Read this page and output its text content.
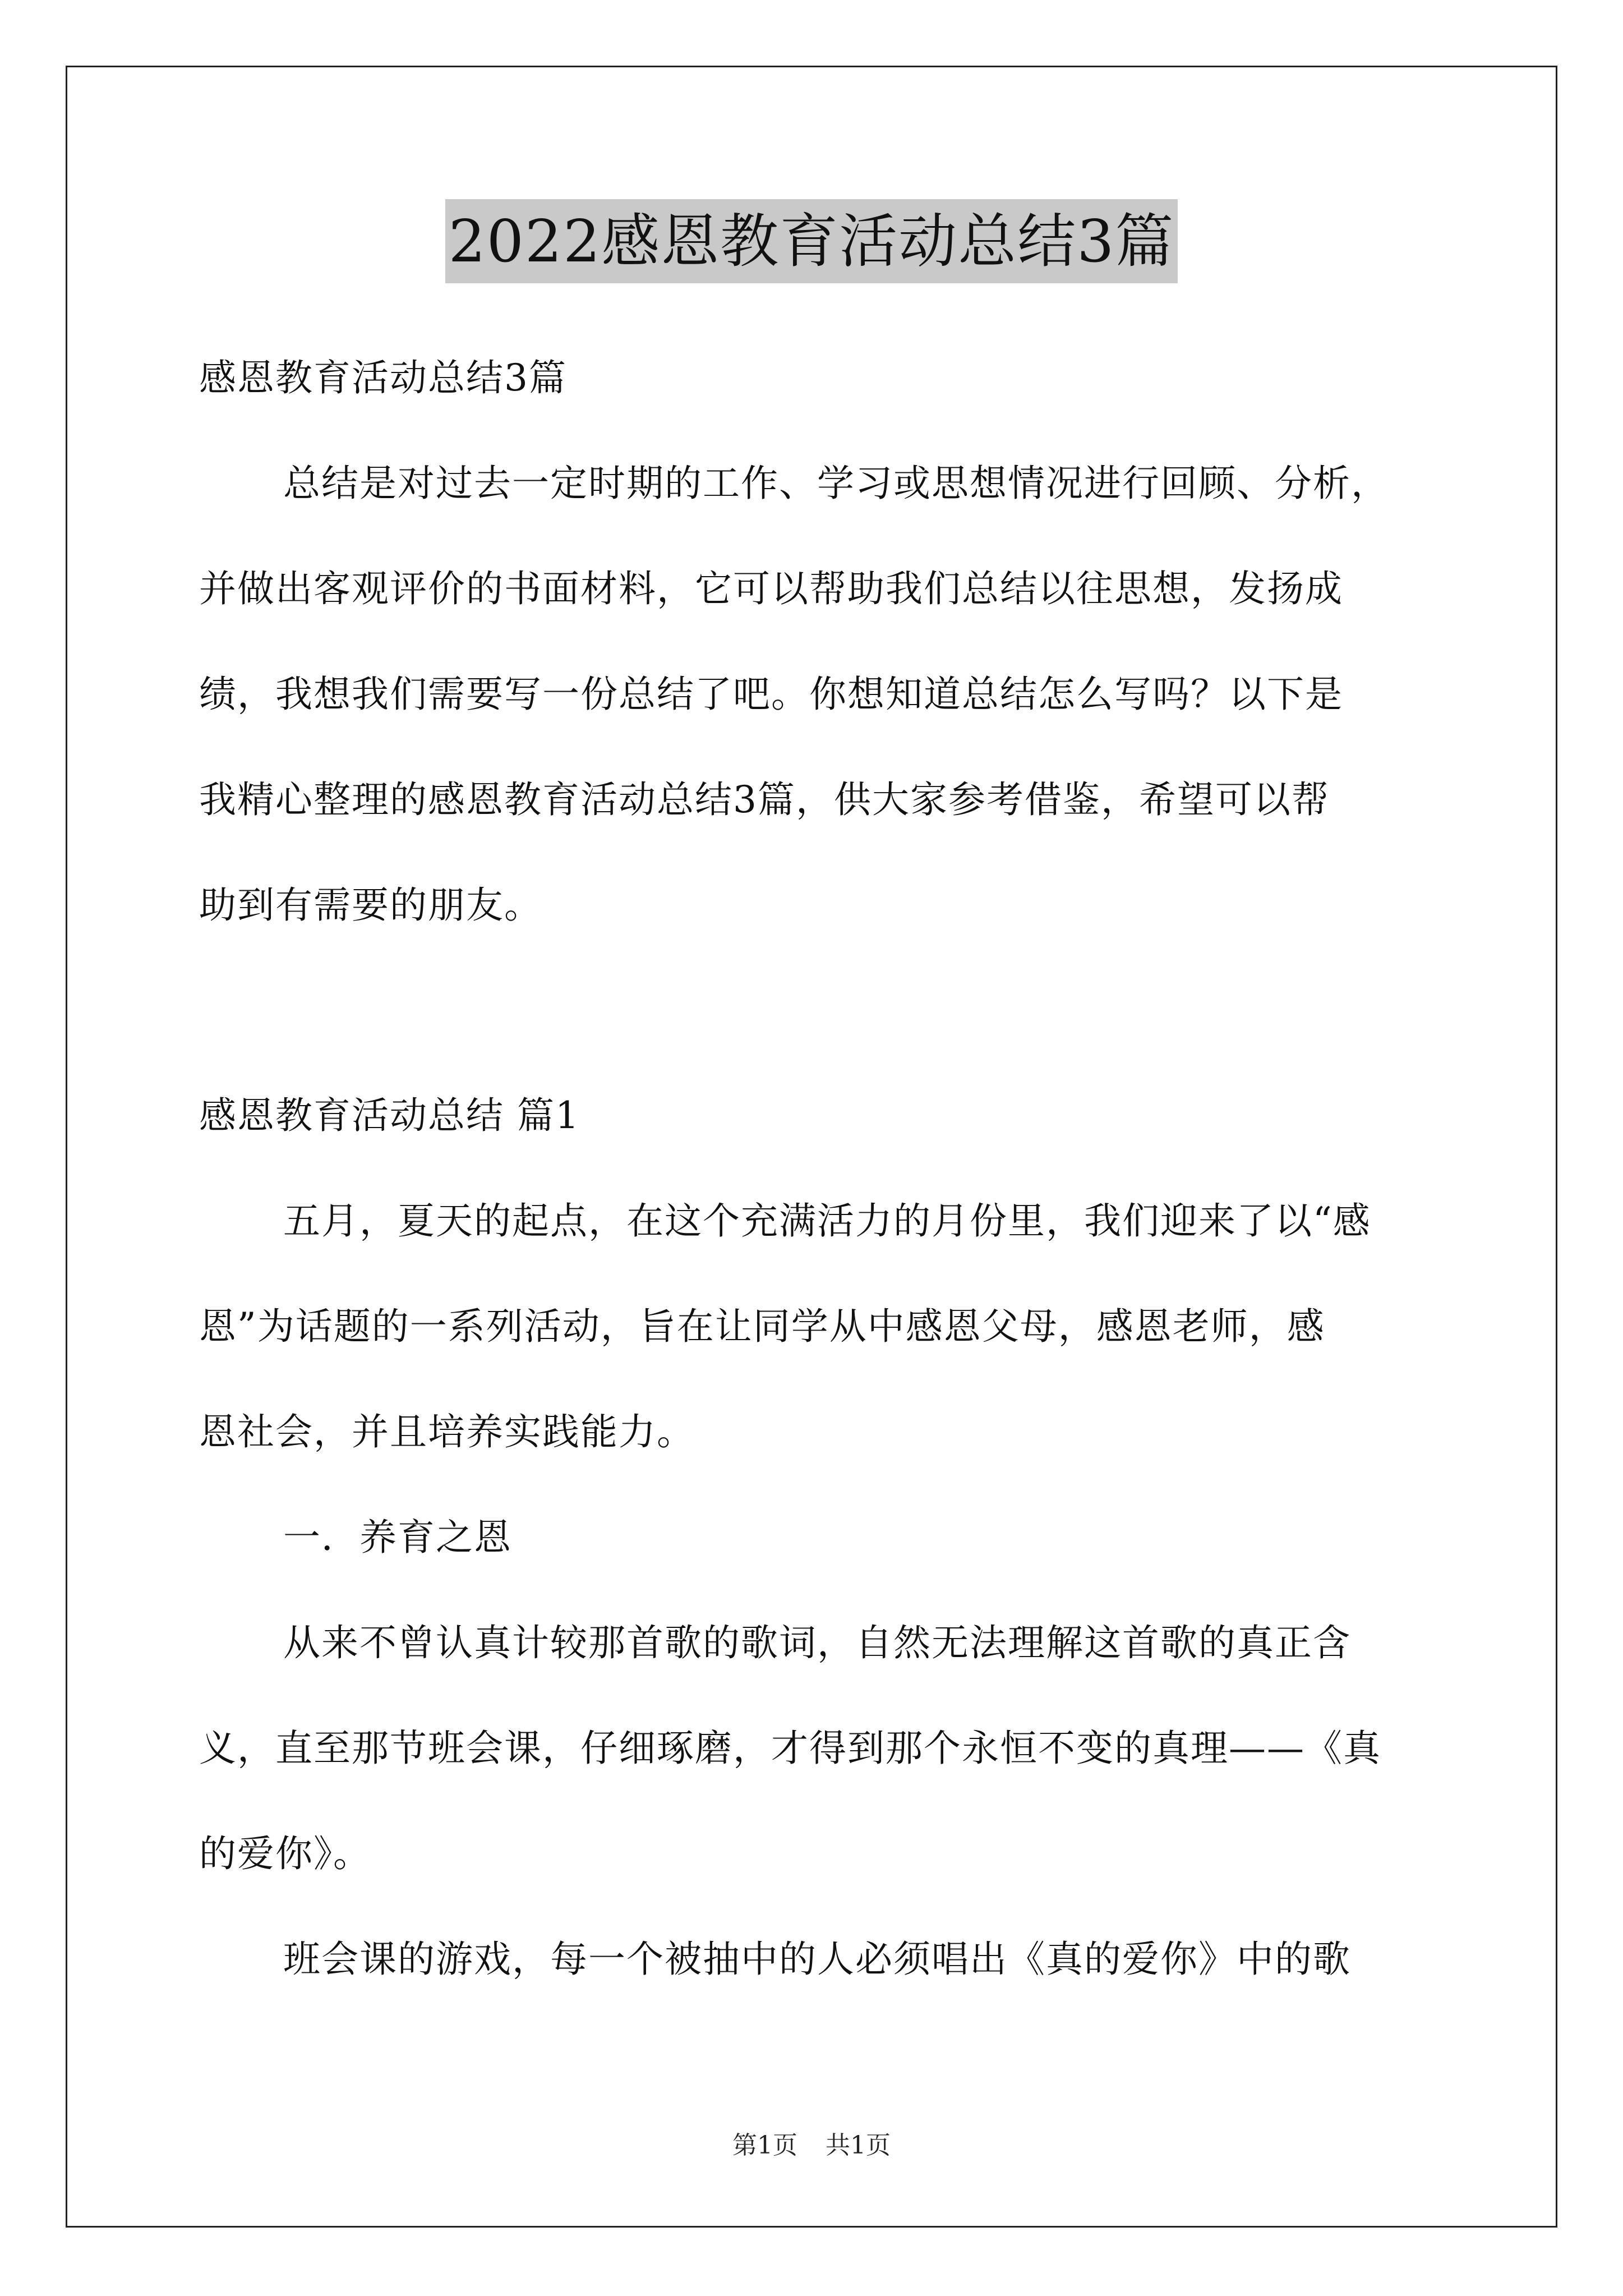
2022感恩教育活动总结3篇
感恩教育活动总结3篇
总结是对过去一定时期的工作、学习或思想情况进行回顾、分析，
并做出客观评价的书面材料，它可以帮助我们总结以往思想，发扬成
绩，我想我们需要写一份总结了吧。你想知道总结怎么写吗？以下是
我精心整理的感恩教育活动总结3篇，供大家参考借鉴，希望可以帮
助到有需要的朋友。
感恩教育活动总结 篇1
五月，夏天的起点，在这个充满活力的月份里，我们迎来了以“感
恩”为话题的一系列活动，旨在让同学从中感恩父母，感恩老师，感
恩社会，并且培养实践能力。
一．养育之恩
从来不曾认真计较那首歌的歌词，自然无法理解这首歌的真正含
义，直至那节班会课，仔细琢磨，才得到那个永恒不变的真理——《真
的爱你》。
班会课的游戏，每一个被抽中的人必须唱出《真的爱你》中的歌
第1页 共1页
